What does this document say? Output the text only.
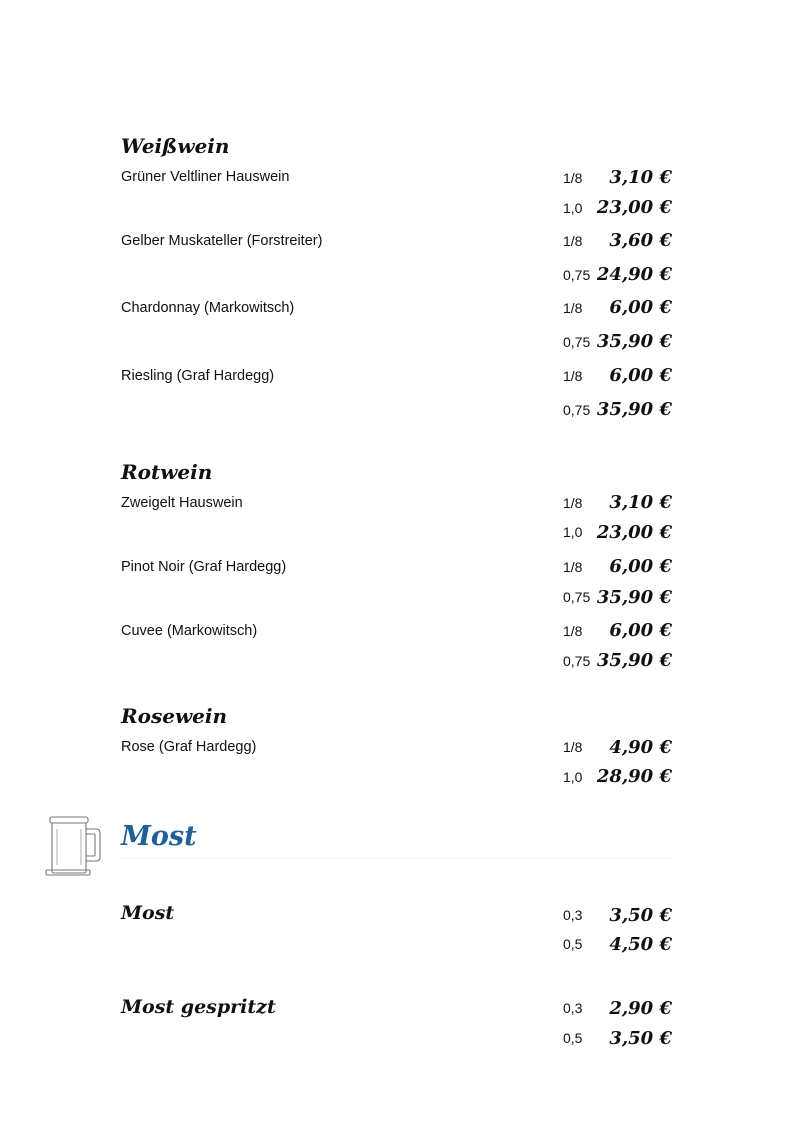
Weißwein
Grüner Veltliner Hauswein	1/8 3,10 €
1,0 23,00 €
Gelber Muskateller (Forstreiter)	1/8 3,60 €
0,75 24,90 €
Chardonnay (Markowitsch)	1/8 6,00 €
0,75 35,90 €
Riesling (Graf Hardegg)	1/8 6,00 €
0,75 35,90 €
Rotwein
Zweigelt Hauswein	1/8 3,10 €
1,0 23,00 €
Pinot Noir (Graf Hardegg)	1/8 6,00 €
0,75 35,90 €
Cuvee (Markowitsch)	1/8 6,00 €
0,75 35,90 €
Rosewein
Rose (Graf Hardegg)	1/8 4,90 €
1,0 28,90 €
Most
Most	0,3 3,50 €
0,5 4,50 €
Most gespritzt	0,3 2,90 €
0,5 3,50 €
